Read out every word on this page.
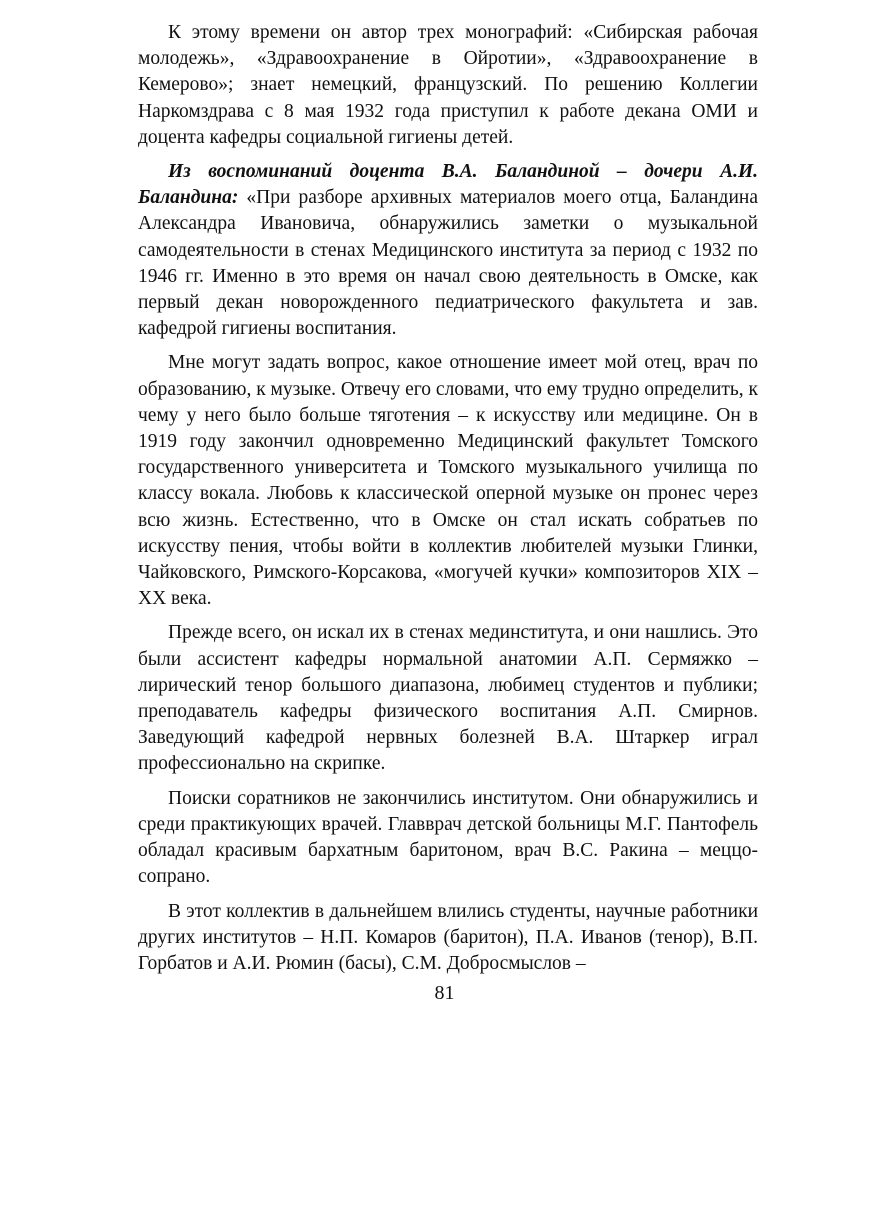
К этому времени он автор трех монографий: «Сибирская рабочая молодежь», «Здравоохранение в Ойротии», «Здравоохранение в Кемерово»; знает немецкий, французский. По решению Коллегии Наркомздрава с 8 мая 1932 года приступил к работе декана ОМИ и доцента кафедры социальной гигиены детей.

Из воспоминаний доцента В.А. Баландиной – дочери А.И. Баландина: «При разборе архивных материалов моего отца, Баландина Александра Ивановича, обнаружились заметки о музыкальной самодеятельности в стенах Медицинского института за период с 1932 по 1946 гг. Именно в это время он начал свою деятельность в Омске, как первый декан новорожденного педиатрического факультета и зав. кафедрой гигиены воспитания.

Мне могут задать вопрос, какое отношение имеет мой отец, врач по образованию, к музыке. Отвечу его словами, что ему трудно определить, к чему у него было больше тяготения – к искусству или медицине. Он в 1919 году закончил одновременно Медицинский факультет Томского государственного университета и Томского музыкального училища по классу вокала. Любовь к классической оперной музыке он пронес через всю жизнь. Естественно, что в Омске он стал искать собратьев по искусству пения, чтобы войти в коллектив любителей музыки Глинки, Чайковского, Римского-Корсакова, «могучей кучки» композиторов XIX – XX века.

Прежде всего, он искал их в стенах мединститута, и они нашлись. Это были ассистент кафедры нормальной анатомии А.П. Сермяжко – лирический тенор большого диапазона, любимец студентов и публики; преподаватель кафедры физического воспитания А.П. Смирнов. Заведующий кафедрой нервных болезней В.А. Штаркер играл профессионально на скрипке.

Поиски соратников не закончились институтом. Они обнаружились и среди практикующих врачей. Главврач детской больницы М.Г. Пантофель обладал красивым бархатным баритоном, врач В.С. Ракина – меццо-сопрано.

В этот коллектив в дальнейшем влились студенты, научные работники других институтов – Н.П. Комаров (баритон), П.А. Иванов (тенор), В.П. Горбатов и А.И. Рюмин (басы), С.М. Добросмыслов –

81
